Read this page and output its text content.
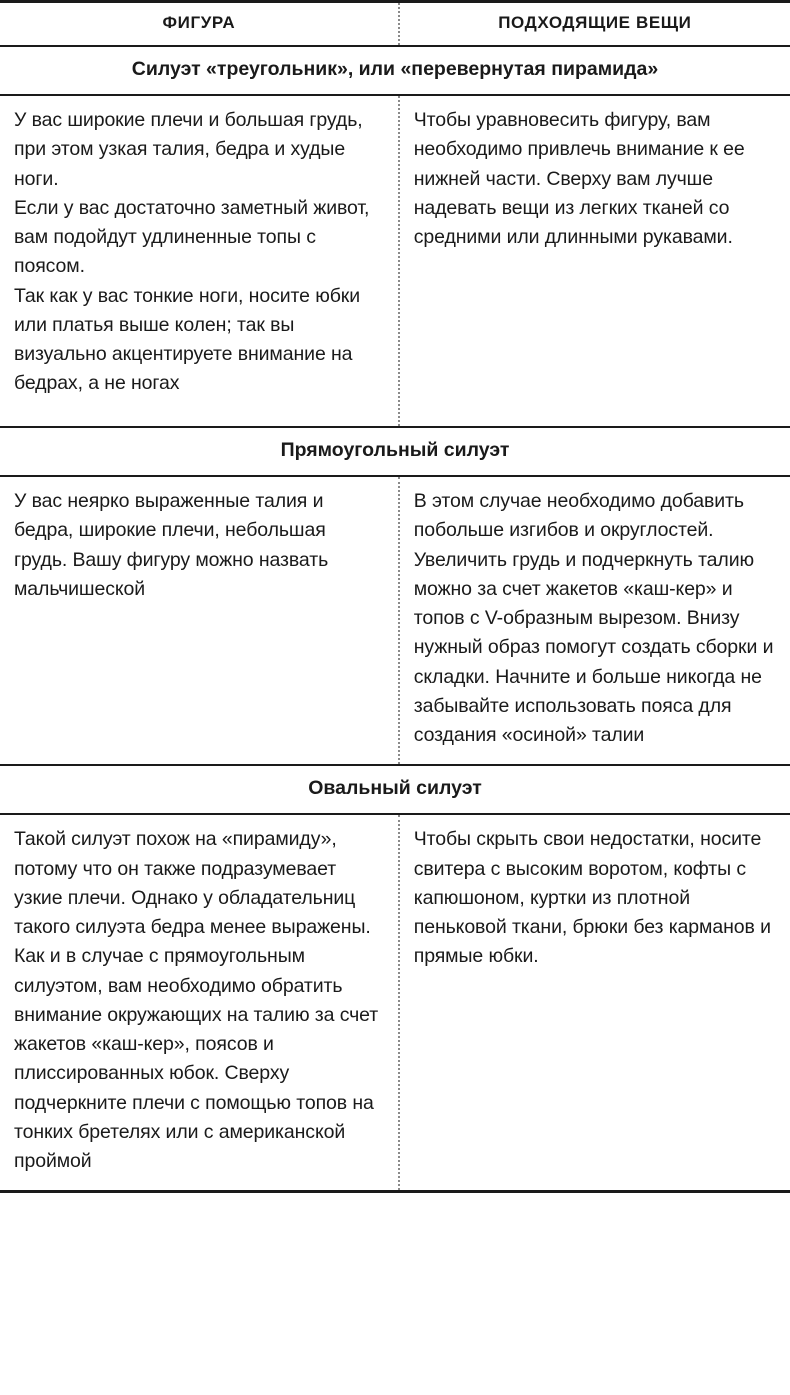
ФИГУРА	ПОДХОДЯЩИЕ ВЕЩИ
Силуэт «треугольник», или «перевернутая пирамида»

У вас широкие плечи и большая грудь, при этом узкая талия, бедра и худые ноги.

Если у вас достаточно заметный живот, вам подойдут удлиненные топы с поясом.

Так как у вас тонкие ноги, носите юбки или платья выше колен; так вы визуально акцентируете внимание на бедрах, а не ногах

Чтобы уравновесить фигуру, вам необходимо привлечь внимание к ее нижней части. Сверху вам лучше надевать вещи из легких тканей со средними или длинными рукавами.

Прямоугольный силуэт

У вас неярко выраженные талия и бедра, широкие плечи, небольшая грудь. Вашу фигуру можно назвать мальчишеской

В этом случае необходимо добавить побольше изгибов и округлостей. Увеличить грудь и подчеркнуть талию можно за счет жакетов «каш-кер» и топов с V-образным вырезом. Внизу нужный образ помогут создать сборки и складки. Начните и больше никогда не забывайте использовать пояса для создания «осиной» талии

Овальный силуэт

Такой силуэт похож на «пирамиду», потому что он также подразумевает узкие плечи. Однако у обладательниц такого силуэта бедра менее выражены.

Как и в случае с прямоугольным силуэтом, вам необходимо обратить внимание окружающих на талию за счет жакетов «каш-кер», поясов и плиссированных юбок. Сверху подчеркните плечи с помощью топов на тонких бретелях или с американской проймой

Чтобы скрыть свои недостатки, носите свитера с высоким воротом, кофты с капюшоном, куртки из плотной пеньковой ткани, брюки без карманов и прямые юбки.
